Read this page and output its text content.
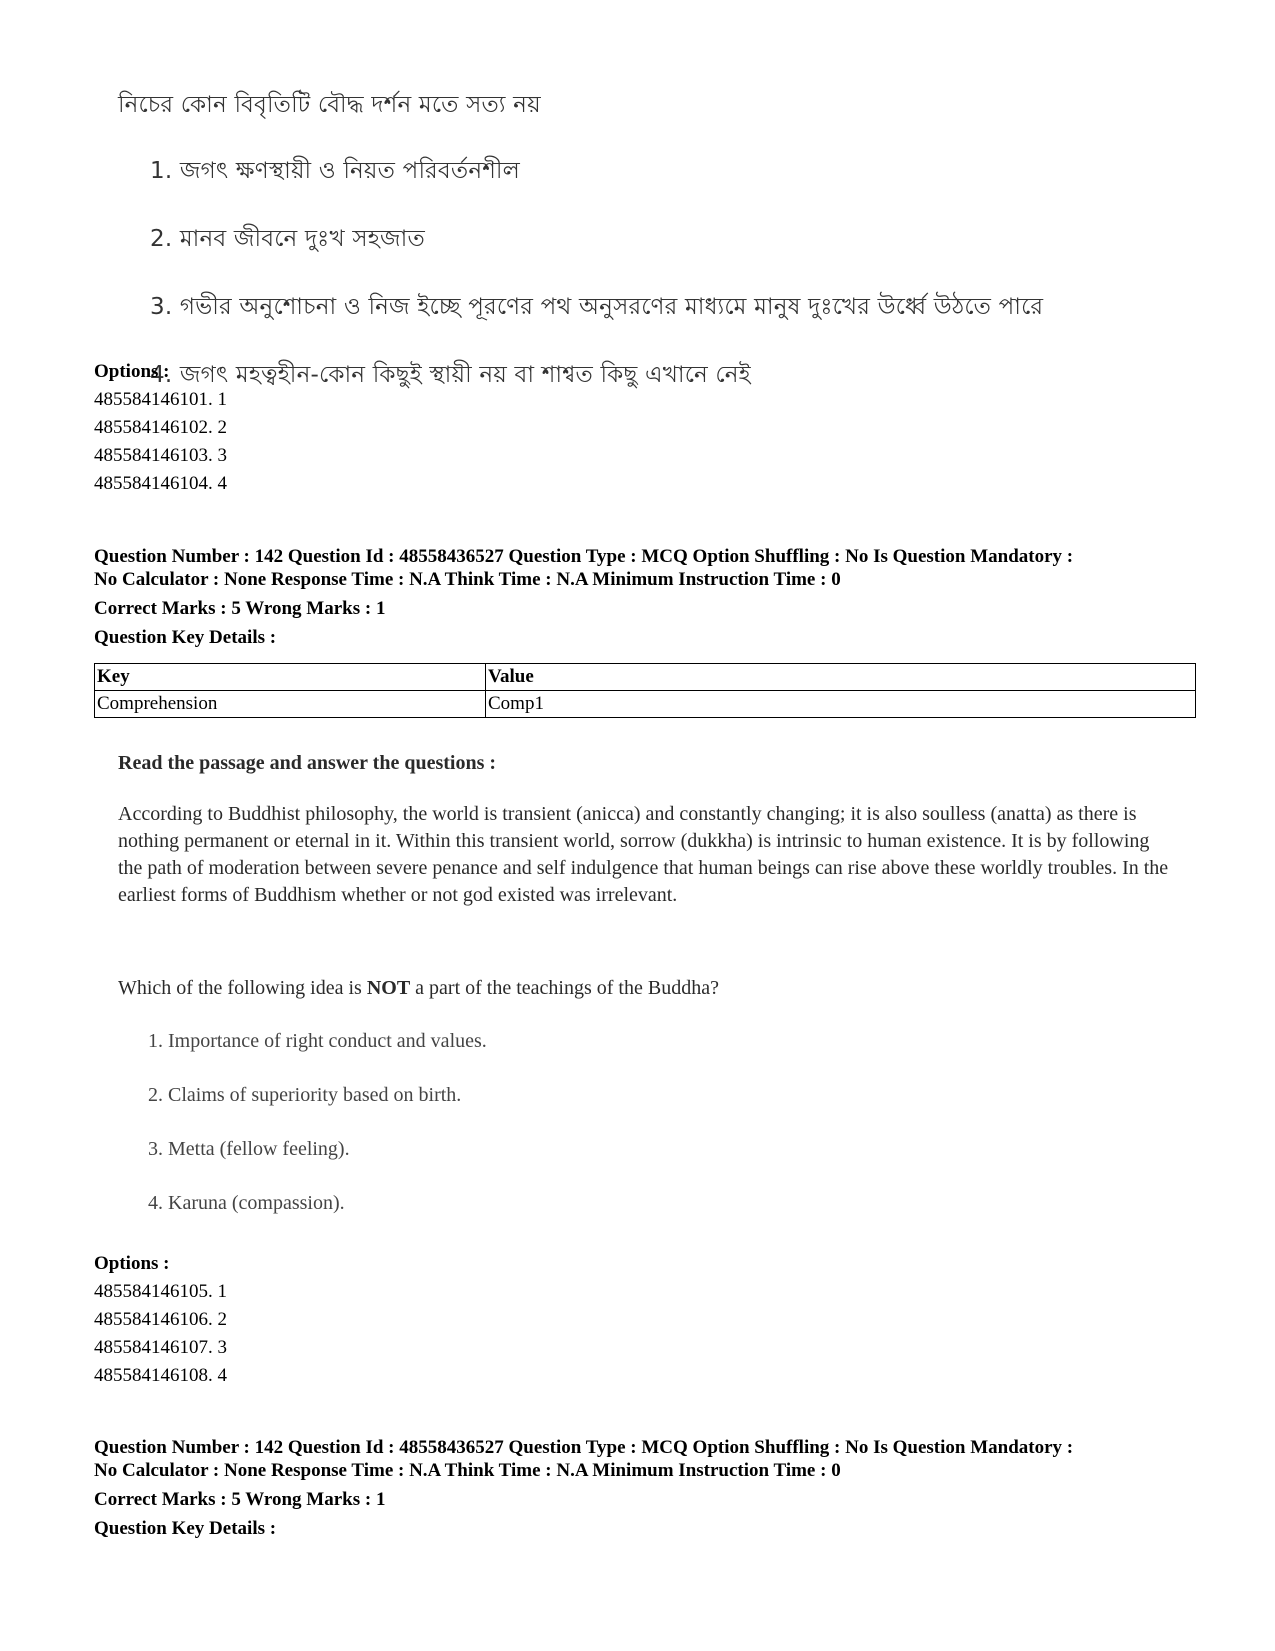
নিচের কোন বিবৃতিটি বৌদ্ধ দর্শন মতে সত্য নয়
1. জগৎ ক্ষণস্থায়ী ও নিয়ত পরিবর্তনশীল
2. মানব জীবনে দুঃখ সহজাত
3. গভীর অনুশোচনা ও নিজ ইচ্ছে পূরণের পথ অনুসরণের মাধ্যমে মানুষ দুঃখের উর্ধ্বে উঠতে পারে
4. জগৎ মহত্বহীন-কোন কিছুই স্থায়ী নয় বা শাশ্বত কিছু এখানে নেই
Options :
485584146101. 1
485584146102. 2
485584146103. 3
485584146104. 4
Question Number : 142 Question Id : 48558436527 Question Type : MCQ Option Shuffling : No Is Question Mandatory :
No Calculator : None Response Time : N.A Think Time : N.A Minimum Instruction Time : 0
Correct Marks : 5 Wrong Marks : 1
Question Key Details :
Key	Value
Comprehension	Comp1
Read the passage and answer the questions :

According to Buddhist philosophy, the world is transient (anicca) and constantly changing; it is also soulless (anatta) as there is nothing permanent or eternal in it. Within this transient world, sorrow (dukkha) is intrinsic to human existence. It is by following the path of moderation between severe penance and self indulgence that human beings can rise above these worldly troubles. In the earliest forms of Buddhism whether or not god existed was irrelevant.

Which of the following idea is NOT a part of the teachings of the Buddha?
1. Importance of right conduct and values.
2. Claims of superiority based on birth.
3. Metta (fellow feeling).
4. Karuna (compassion).
Options :
485584146105. 1
485584146106. 2
485584146107. 3
485584146108. 4
Question Number : 142 Question Id : 48558436527 Question Type : MCQ Option Shuffling : No Is Question Mandatory :
No Calculator : None Response Time : N.A Think Time : N.A Minimum Instruction Time : 0
Correct Marks : 5 Wrong Marks : 1
Question Key Details :
